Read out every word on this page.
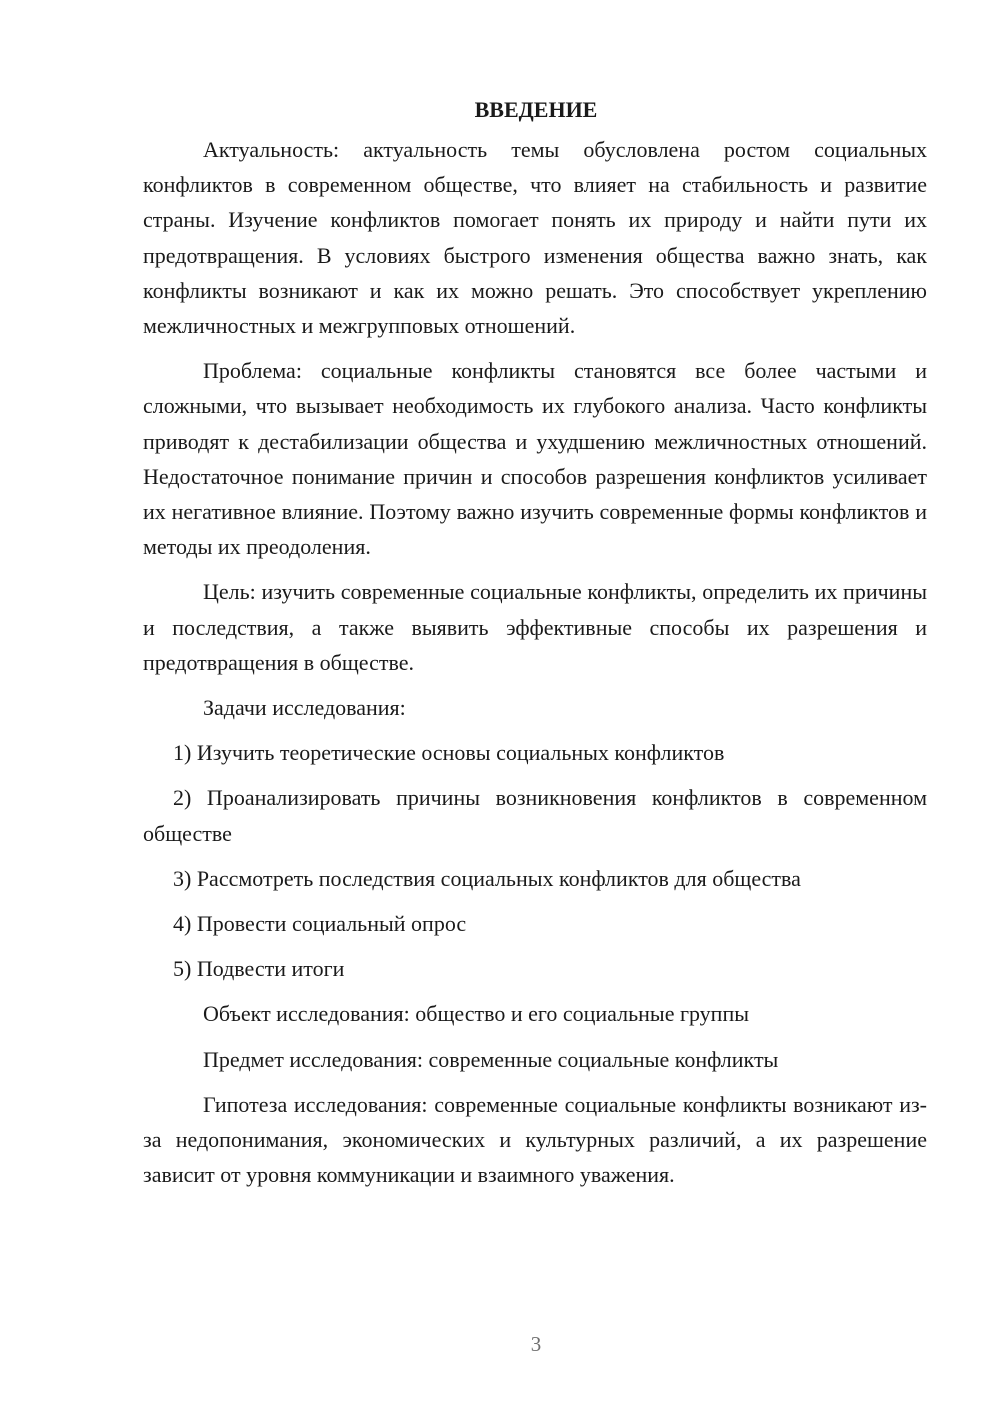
ВВЕДЕНИЕ

Актуальность: актуальность темы обусловлена ростом социальных конфликтов в современном обществе, что влияет на стабильность и развитие страны. Изучение конфликтов помогает понять их природу и найти пути их предотвращения. В условиях быстрого изменения общества важно знать, как конфликты возникают и как их можно решать. Это способствует укреплению межличностных и межгрупповых отношений.

Проблема: социальные конфликты становятся все более частыми и сложными, что вызывает необходимость их глубокого анализа. Часто конфликты приводят к дестабилизации общества и ухудшению межличностных отношений. Недостаточное понимание причин и способов разрешения конфликтов усиливает их негативное влияние. Поэтому важно изучить современные формы конфликтов и методы их преодоления.

Цель: изучить современные социальные конфликты, определить их причины и последствия, а также выявить эффективные способы их разрешения и предотвращения в обществе.

Задачи исследования:

1) Изучить теоретические основы социальных конфликтов

2) Проанализировать причины возникновения конфликтов в современном обществе

3) Рассмотреть последствия социальных конфликтов для общества

4) Провести социальный опрос

5) Подвести итоги

Объект исследования: общество и его социальные группы

Предмет исследования: современные социальные конфликты

Гипотеза исследования: современные социальные конфликты возникают из-за недопонимания, экономических и культурных различий, а их разрешение зависит от уровня коммуникации и взаимного уважения.

3
